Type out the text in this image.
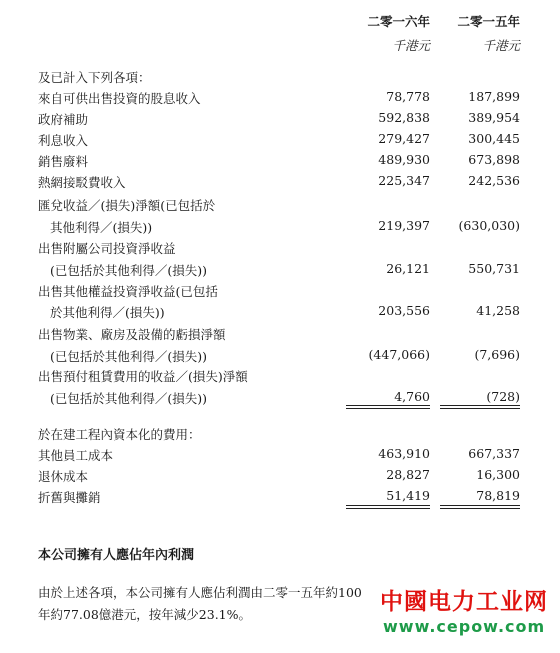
二零一六年	二零一五年
千港元	千港元
及已計入下列各項：
來自可供出售投資的股息收入	78,778	187,899
政府補助	592,838	389,954
利息收入	279,427	300,445
銷售廢料	489,930	673,898
熱網接駁費收入	225,347	242,536
匯兌收益／(損失)淨額(已包括於
其他利得／(損失))	219,397	(630,030)
出售附屬公司投資淨收益
(已包括於其他利得／(損失))	26,121	550,731
出售其他權益投資淨收益(已包括
於其他利得／(損失))	203,556	41,258
出售物業、廠房及設備的虧損淨額
(已包括於其他利得／(損失))	(447,066)	(7,696)
出售預付租賃費用的收益／(損失)淨額
(已包括於其他利得／(損失))	4,760	(728)
於在建工程內資本化的費用：
其他員工成本	463,910	667,337
退休成本	28,827	16,300
折舊與攤銷	51,419	78,819
本公司擁有人應佔年內利潤
由於上述各項，本公司擁有人應佔利潤由二零一五年約100
年約77.08億港元，按年減少23.1%。	中國电力工业网
www.cepow.com
